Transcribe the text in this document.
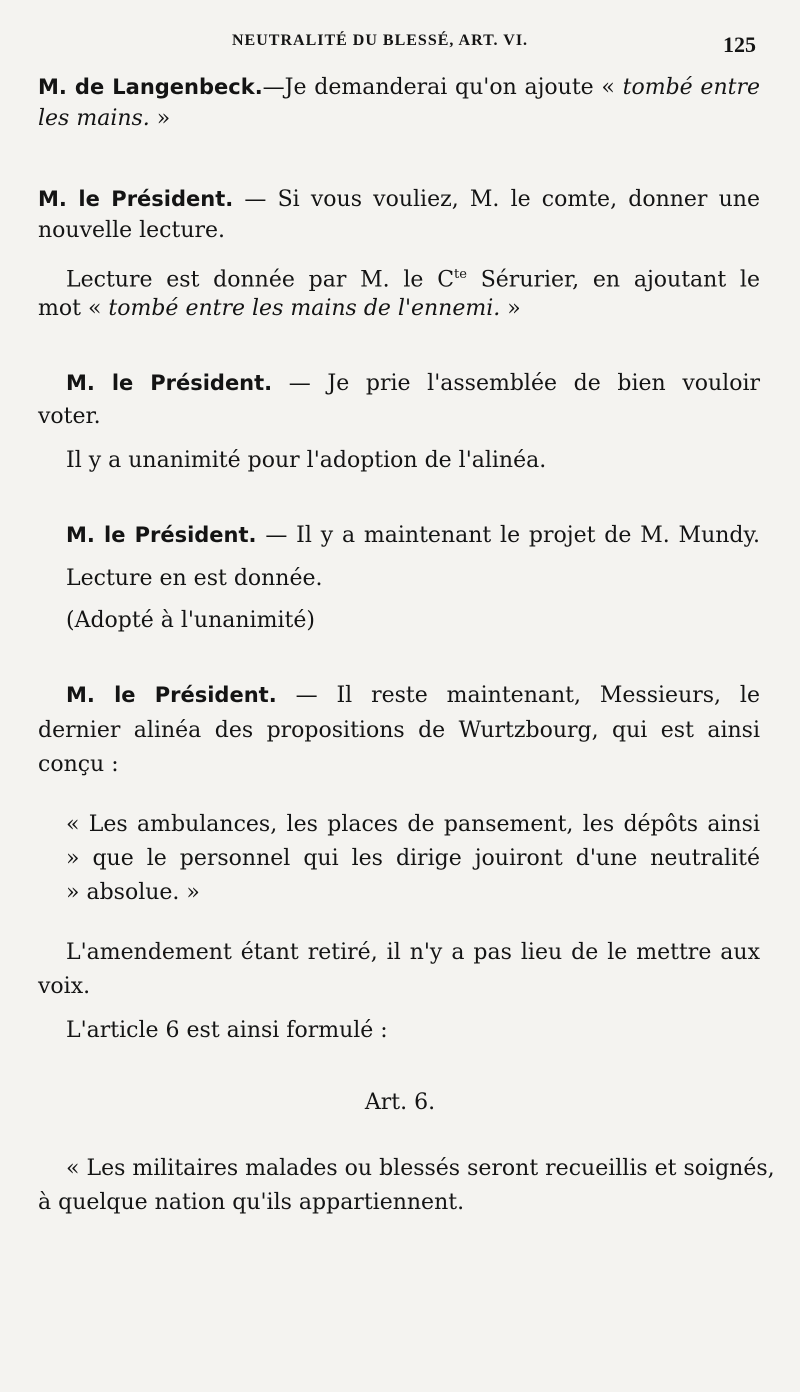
NEUTRALITÉ DU BLESSÉ, ART. VI.	125
M. de Langenbeck.—Je demanderai qu'on ajoute « tombé entre
les mains. »
M. le Président. — Si vous vouliez, M. le comte, donner une
nouvelle lecture.
Lecture est donnée par M. le $C^{te}$ Sérurier, en ajoutant le
mot « tombé entre les mains de l'ennemi. »
M. le Président. — Je prie l'assemblée de bien vouloir
voter.
Il y a unanimité pour l'adoption de l'alinéa.
M. le Président. — Il y a maintenant le projet de M. Mundy.
Lecture en est donnée.
(Adopté à l'unanimité)
M. le Président. — Il reste maintenant, Messieurs, le
dernier alinéa des propositions de Wurtzbourg, qui est ainsi
conçu :
« Les ambulances, les places de pansement, les dépôts ainsi
» que le personnel qui les dirige jouiront d'une neutralité
» absolue. »
L'amendement étant retiré, il n'y a pas lieu de le mettre aux
voix.
L'article 6 est ainsi formulé :
Art. 6.
« Les militaires malades ou blessés seront recueillis et soignés,
à quelque nation qu'ils appartiennent.
